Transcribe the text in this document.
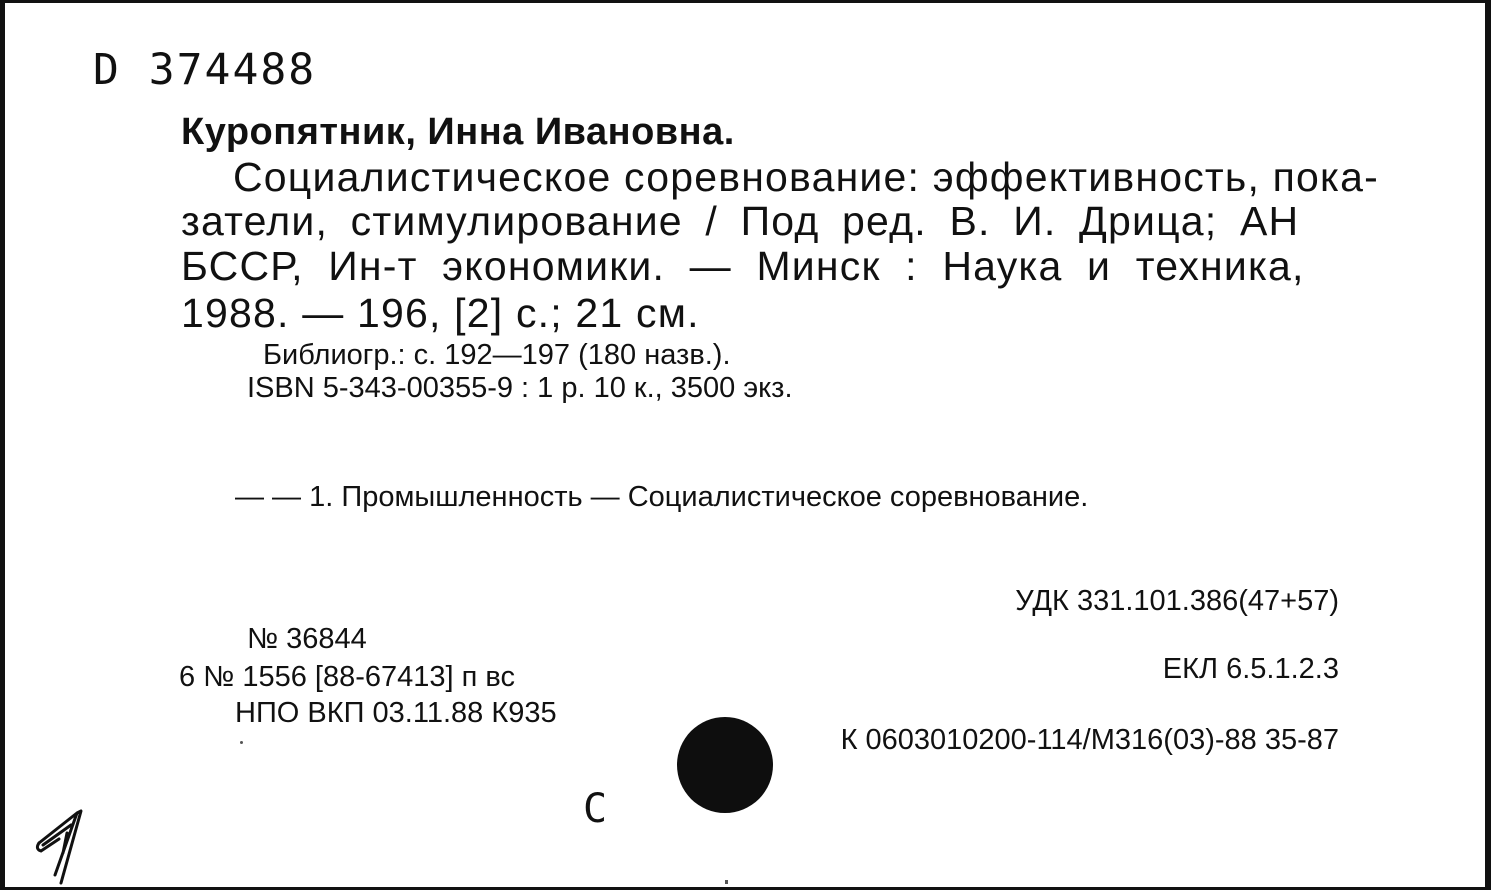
D 374488
Куропятник, Инна Ивановна.
Социалистическое соревнование: эффективность, пока-
затели, стимулирование / Под ред. В. И. Дрица; АН
БССР, Ин-т экономики. — Минск : Наука и техника,
1988. — 196, [2] с.; 21 см.
Библиогр.: с. 192—197 (180 назв.).
ISBN 5-343-00355-9 : 1 р. 10 к., 3500 экз.
— — 1. Промышленность — Социалистическое соревнование.
УДК 331.101.386(47+57)
ЕКЛ 6.5.1.2.3
К 0603010200-114/М316(03)-88 35-87
№ 36844
6 № 1556 [88-67413] п вс
НПО ВКП 03.11.88 К935
С
